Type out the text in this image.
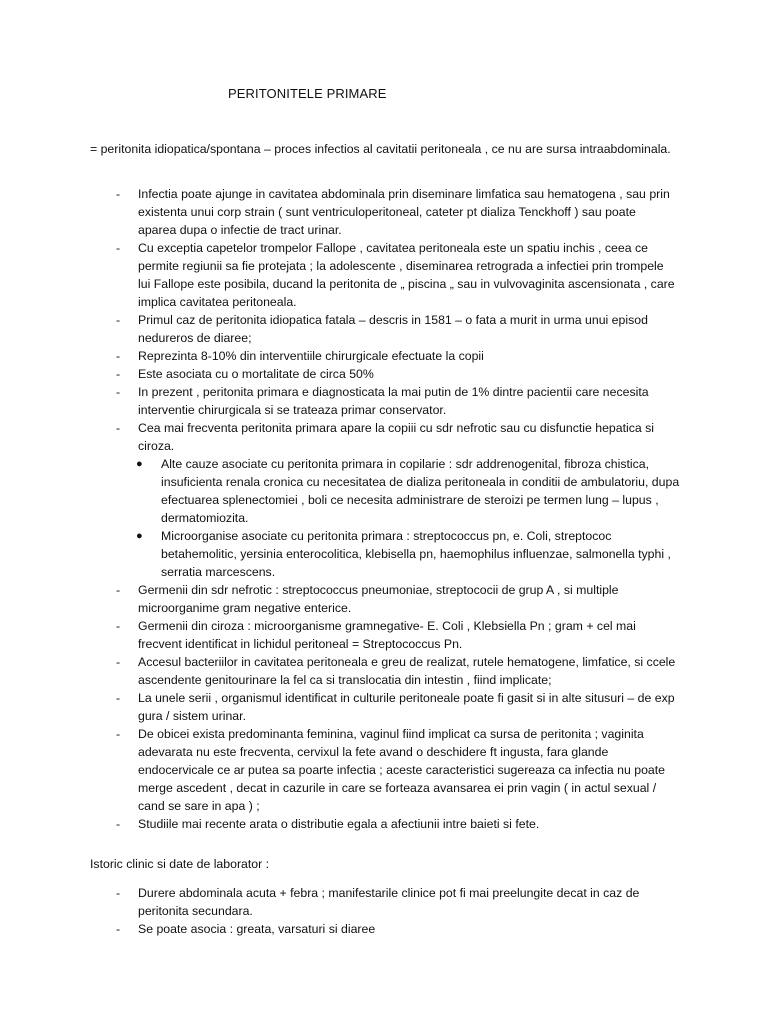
PERITONITELE PRIMARE
= peritonita idiopatica/spontana – proces infectios al cavitatii peritoneala , ce nu are sursa intraabdominala.
- Infectia poate ajunge in cavitatea abdominala prin diseminare limfatica sau hematogena , sau prin existenta unui corp strain ( sunt ventriculoperitoneal, cateter pt dializa Tenckhoff ) sau poate aparea dupa o infectie de tract urinar.
- Cu exceptia capetelor trompelor Fallope , cavitatea peritoneala este un spatiu inchis , ceea ce permite regiunii sa fie protejata ; la adolescente , diseminarea retrograda a infectiei prin trompele lui Fallope este posibila, ducand la peritonita de „ piscina „ sau in vulvovaginita ascensionata , care implica cavitatea peritoneala.
- Primul caz de peritonita idiopatica fatala – descris in 1581 – o fata a murit in urma unui episod nedureros de diaree;
- Reprezinta 8-10% din interventiile chirurgicale efectuate la copii
- Este asociata cu o mortalitate de circa 50%
- In prezent , peritonita primara e diagnosticata la mai putin de 1% dintre pacientii care necesita interventie chirurgicala si se trateaza primar conservator.
- Cea mai frecventa peritonita primara apare la copiii cu sdr nefrotic sau cu disfunctie hepatica si ciroza.
● Alte cauze asociate cu peritonita primara in copilarie : sdr addrenogenital, fibroza chistica, insuficienta renala cronica cu necesitatea de dializa peritoneala in conditii de ambulatoriu, dupa efectuarea splenectomiei , boli ce necesita administrare de steroizi pe termen lung – lupus , dermatomiozita.
● Microorganise asociate cu peritonita primara : streptococcus pn, e. Coli, streptococ betahemolitic, yersinia enterocolitica, klebisella pn, haemophilus influenzae, salmonella typhi , serratia marcescens.
- Germenii din sdr nefrotic : streptococcus pneumoniae, streptococii de grup A , si multiple microorganime gram negative enterice.
- Germenii din ciroza : microorganisme gramnegative- E. Coli , Klebsiella Pn ; gram + cel mai frecvent identificat in lichidul peritoneal = Streptococcus Pn.
- Accesul bacteriilor in cavitatea peritoneala e greu de realizat, rutele hematogene, limfatice, si ccele ascendente genitourinare la fel ca si translocatia din intestin , fiind implicate;
- La unele serii , organismul identificat in culturile peritoneale poate fi gasit si in alte situsuri – de exp gura / sistem urinar.
- De obicei exista predominanta feminina, vaginul fiind implicat ca sursa de peritonita ; vaginita adevarata nu este frecventa, cervixul la fete avand o deschidere ft ingusta, fara glande endocervicale ce ar putea sa poarte infectia ; aceste caracteristici sugereaza ca infectia nu poate merge ascedent , decat in cazurile in care se forteaza avansarea ei prin vagin ( in actul sexual / cand se sare in apa ) ;
- Studiile mai recente arata o distributie egala a afectiunii intre baieti si fete.
Istoric clinic si date de laborator :
- Durere abdominala acuta + febra ; manifestarile clinice pot fi mai preelungite decat in caz de peritonita secundara.
- Se poate asocia : greata, varsaturi si diaree
